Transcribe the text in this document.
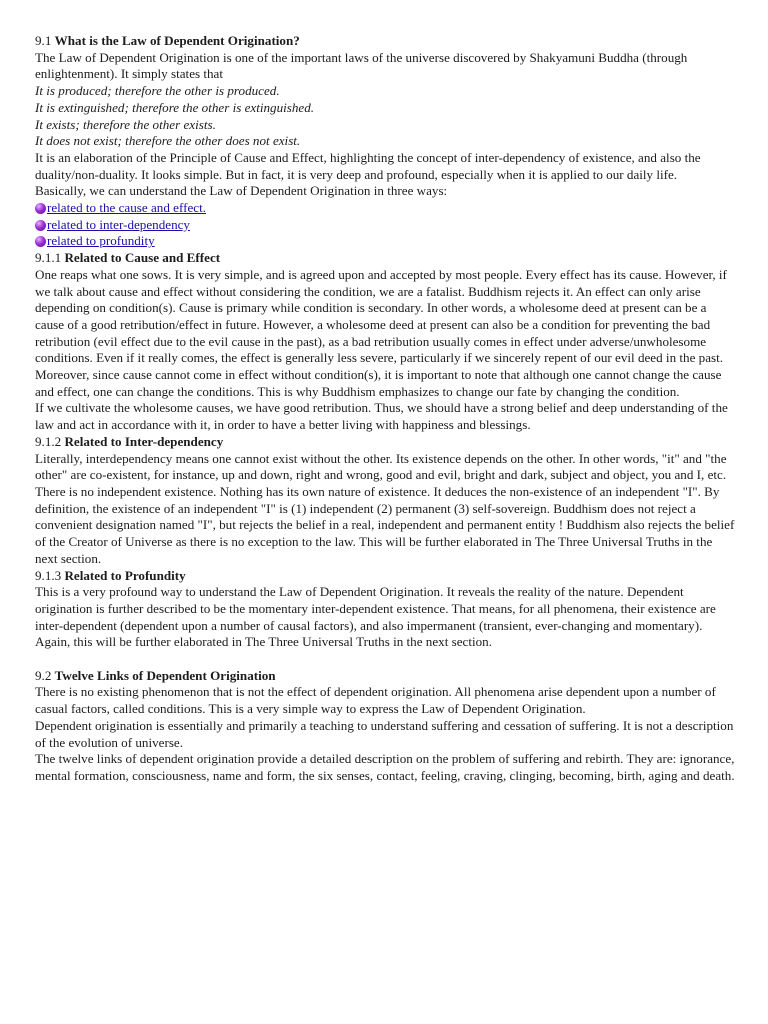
9.1 What is the Law of Dependent Origination?

The Law of Dependent Origination is one of the important laws of the universe discovered by Shakyamuni Buddha (through enlightenment). It simply states that

It is produced; therefore the other is produced.

It is extinguished; therefore the other is extinguished.

It exists; therefore the other exists.

It does not exist; therefore the other does not exist.

It is an elaboration of the Principle of Cause and Effect, highlighting the concept of inter-dependency of existence, and also the duality/non-duality. It looks simple. But in fact, it is very deep and profound, especially when it is applied to our daily life.

Basically, we can understand the Law of Dependent Origination in three ways:

related to the cause and effect.
related to inter-dependency
related to profundity

9.1.1 Related to Cause and Effect

One reaps what one sows. It is very simple, and is agreed upon and accepted by most people. Every effect has its cause. However, if we talk about cause and effect without considering the condition, we are a fatalist. Buddhism rejects it. An effect can only arise depending on condition(s). Cause is primary while condition is secondary. In other words, a wholesome deed at present can be a cause of a good retribution/effect in future. However, a wholesome deed at present can also be a condition for preventing the bad retribution (evil effect due to the evil cause in the past), as a bad retribution usually comes in effect under adverse/unwholesome conditions. Even if it really comes, the effect is generally less severe, particularly if we sincerely repent of our evil deed in the past. Moreover, since cause cannot come in effect without condition(s), it is important to note that although one cannot change the cause and effect, one can change the conditions. This is why Buddhism emphasizes to change our fate by changing the condition.

If we cultivate the wholesome causes, we have good retribution. Thus, we should have a strong belief and deep understanding of the law and act in accordance with it, in order to have a better living with happiness and blessings.

9.1.2 Related to Inter-dependency

Literally, interdependency means one cannot exist without the other. Its existence depends on the other. In other words, "it" and "the other" are co-existent, for instance, up and down, right and wrong, good and evil, bright and dark, subject and object, you and I, etc. There is no independent existence. Nothing has its own nature of existence. It deduces the non-existence of an independent "I". By definition, the existence of an independent "I" is (1) independent (2) permanent (3) self-sovereign. Buddhism does not reject a convenient designation named "I", but rejects the belief in a real, independent and permanent entity ! Buddhism also rejects the belief of the Creator of Universe as there is no exception to the law. This will be further elaborated in The Three Universal Truths in the next section.

9.1.3 Related to Profundity

This is a very profound way to understand the Law of Dependent Origination. It reveals the reality of the nature. Dependent origination is further described to be the momentary inter-dependent existence. That means, for all phenomena, their existence are inter-dependent (dependent upon a number of causal factors), and also impermanent (transient, ever-changing and momentary). Again, this will be further elaborated in The Three Universal Truths in the next section.

9.2 Twelve Links of Dependent Origination

There is no existing phenomenon that is not the effect of dependent origination. All phenomena arise dependent upon a number of casual factors, called conditions. This is a very simple way to express the Law of Dependent Origination.

Dependent origination is essentially and primarily a teaching to understand suffering and cessation of suffering. It is not a description of the evolution of universe.

The twelve links of dependent origination provide a detailed description on the problem of suffering and rebirth. They are: ignorance, mental formation, consciousness, name and form, the six senses, contact, feeling, craving, clinging, becoming, birth, aging and death.
